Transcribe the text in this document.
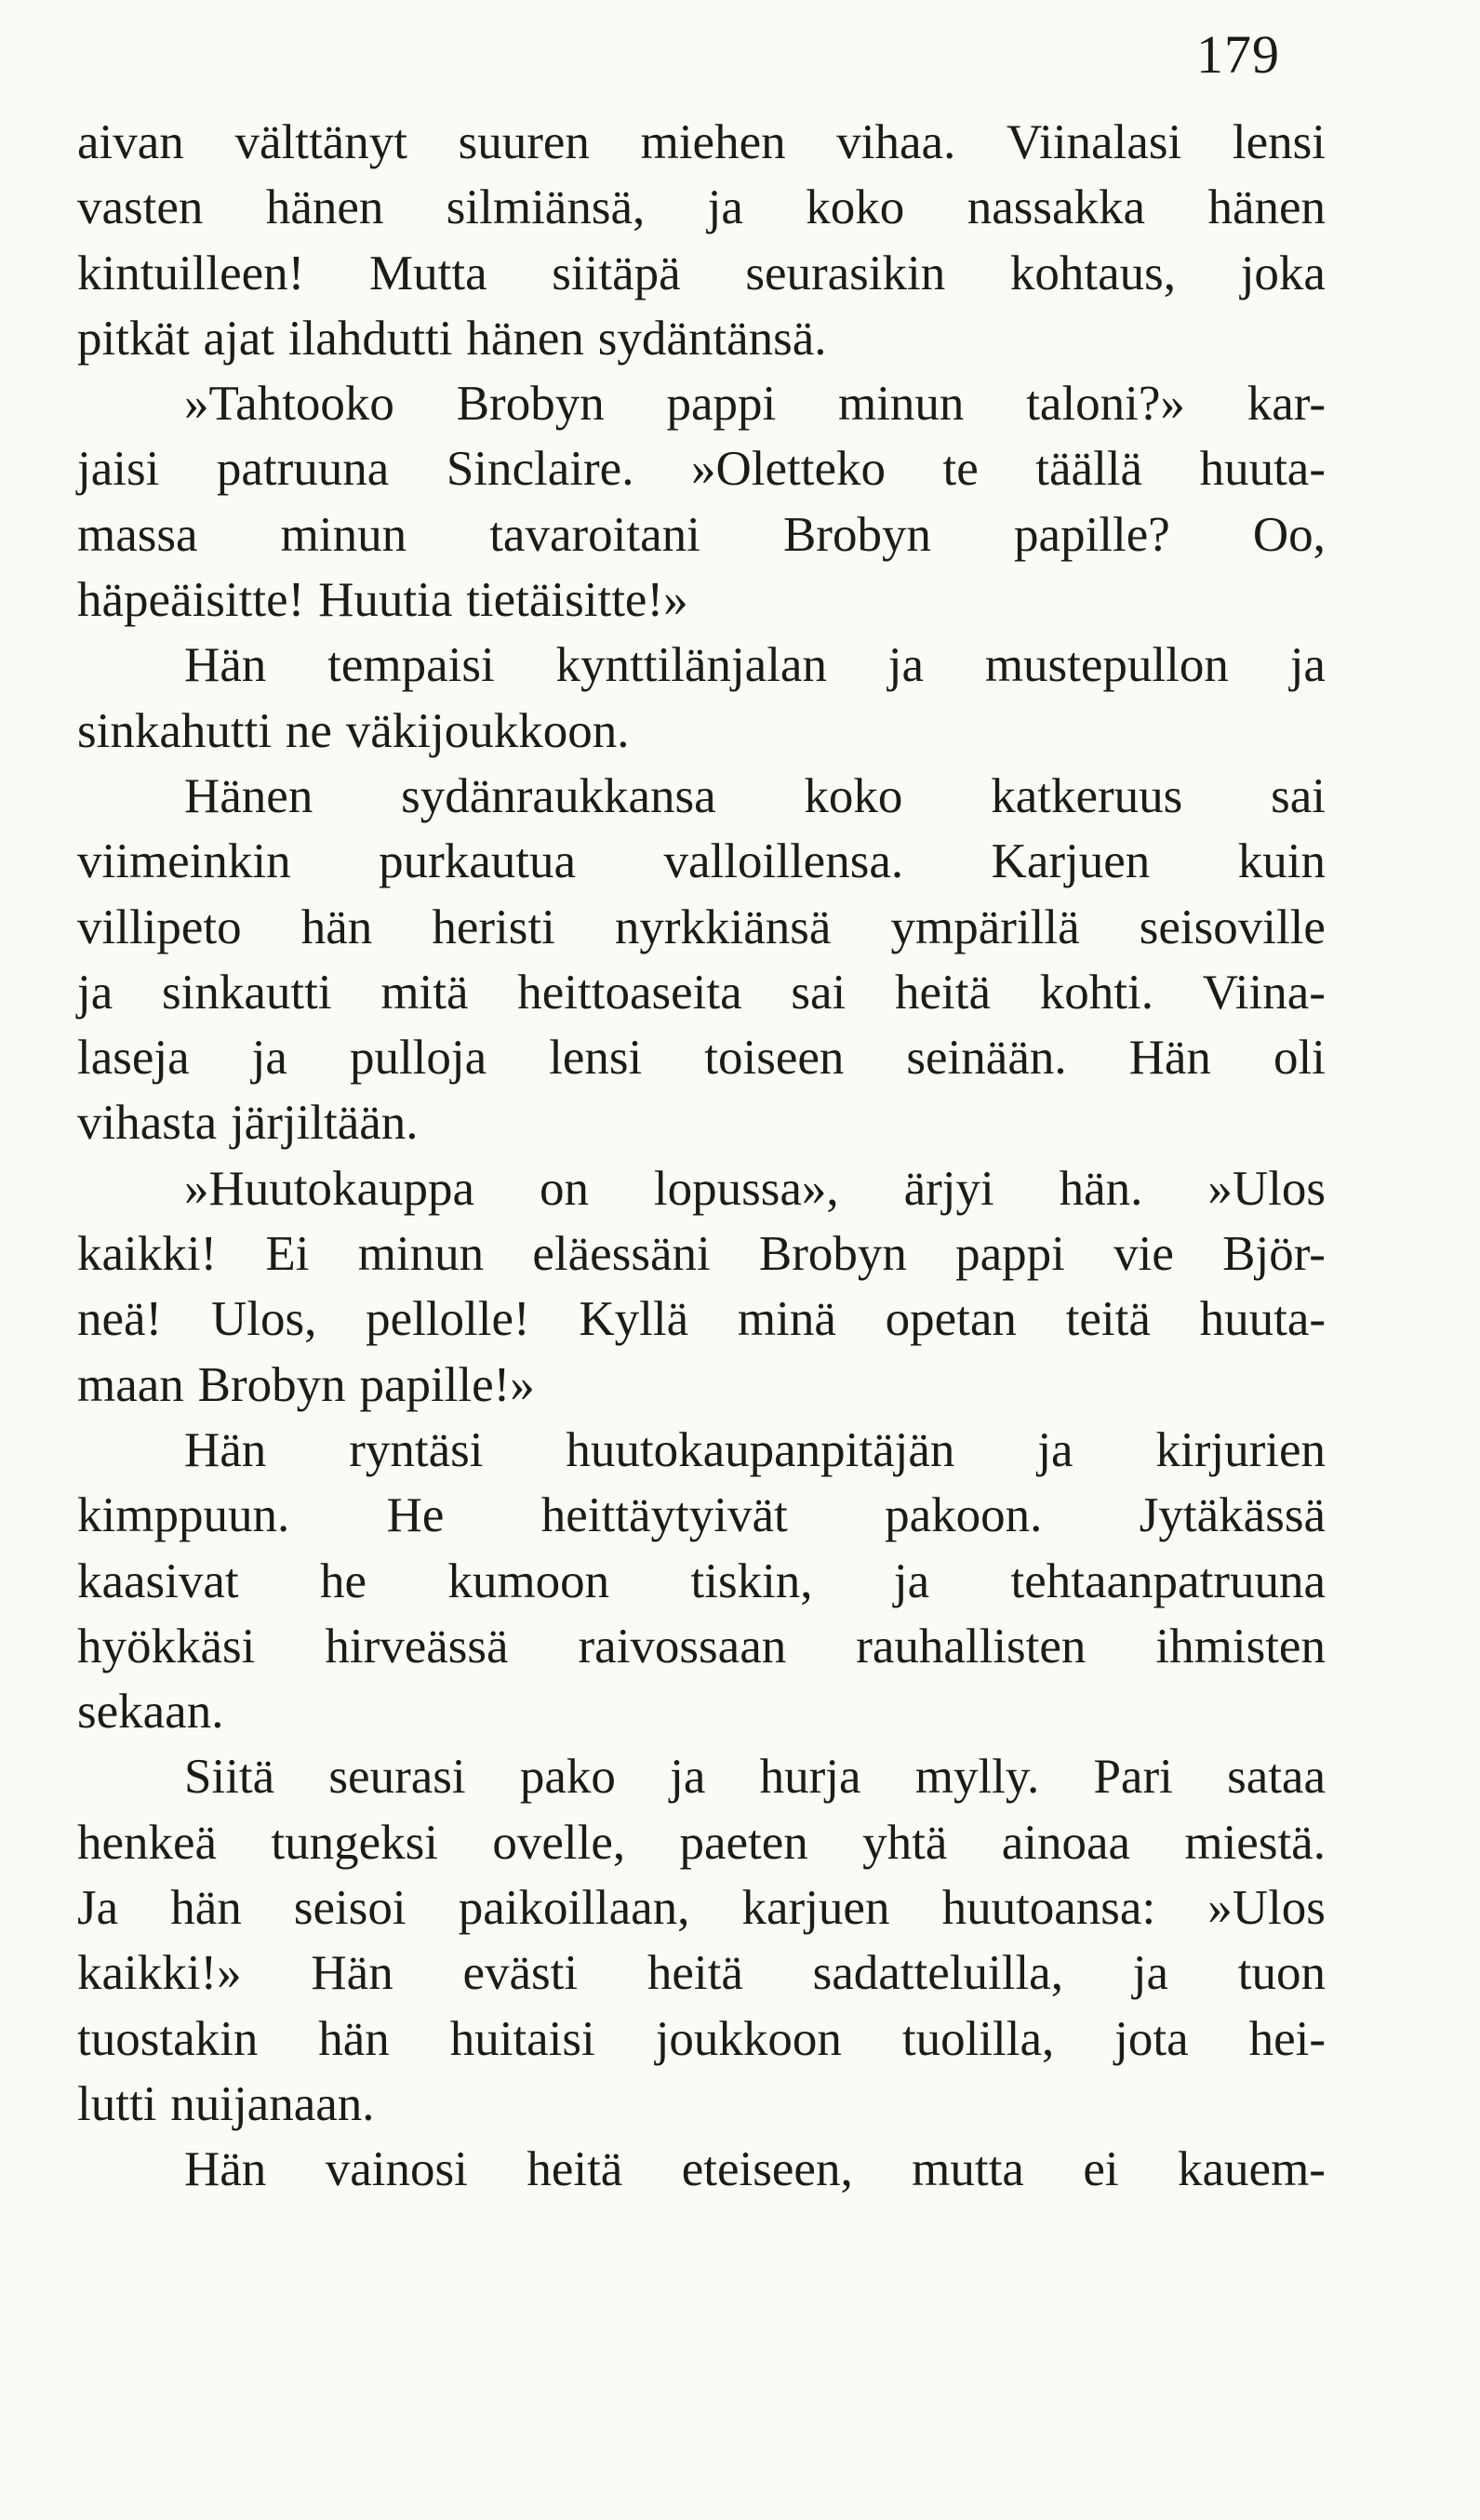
179
aivan välttänyt suuren miehen vihaa. Viinalasi lensi
vasten hänen silmiänsä, ja koko nassakka hänen
kintuilleen! Mutta siitäpä seurasikin kohtaus, joka
pitkät ajat ilahdutti hänen sydäntänsä.
»Tahtooko Brobyn pappi minun taloni?» kar-
jaisi patruuna Sinclaire. »Oletteko te täällä huuta-
massa minun tavaroitani Brobyn papille? Oo,
häpeäisitte! Huutia tietäisitte!»
Hän tempaisi kynttilänjalan ja mustepullon ja
sinkahutti ne väkijoukkoon.
Hänen sydänraukkansa koko katkeruus sai
viimeinkin purkautua valloillensa. Karjuen kuin
villipeto hän heristi nyrkkiänsä ympärillä seisoville
ja sinkautti mitä heittoaseita sai heitä kohti. Viina-
laseja ja pulloja lensi toiseen seinään. Hän oli
vihasta järjiltään.
»Huutokauppa on lopussa», ärjyi hän. »Ulos
kaikki! Ei minun eläessäni Brobyn pappi vie Björ-
neä! Ulos, pellolle! Kyllä minä opetan teitä huuta-
maan Brobyn papille!»
Hän ryntäsi huutokaupanpitäjän ja kirjurien
kimppuun. He heittäytyivät pakoon. Jytäkässä
kaasivat he kumoon tiskin, ja tehtaanpatruuna
hyökkäsi hirveässä raivossaan rauhallisten ihmisten
sekaan.
Siitä seurasi pako ja hurja mylly. Pari sataa
henkeä tungeksi ovelle, paeten yhtä ainoaa miestä.
Ja hän seisoi paikoillaan, karjuen huutoansa: »Ulos
kaikki!» Hän evästi heitä sadatteluilla, ja tuon
tuostakin hän huitaisi joukkoon tuolilla, jota hei-
lutti nuijanaan.
Hän vainosi heitä eteiseen, mutta ei kauem-
